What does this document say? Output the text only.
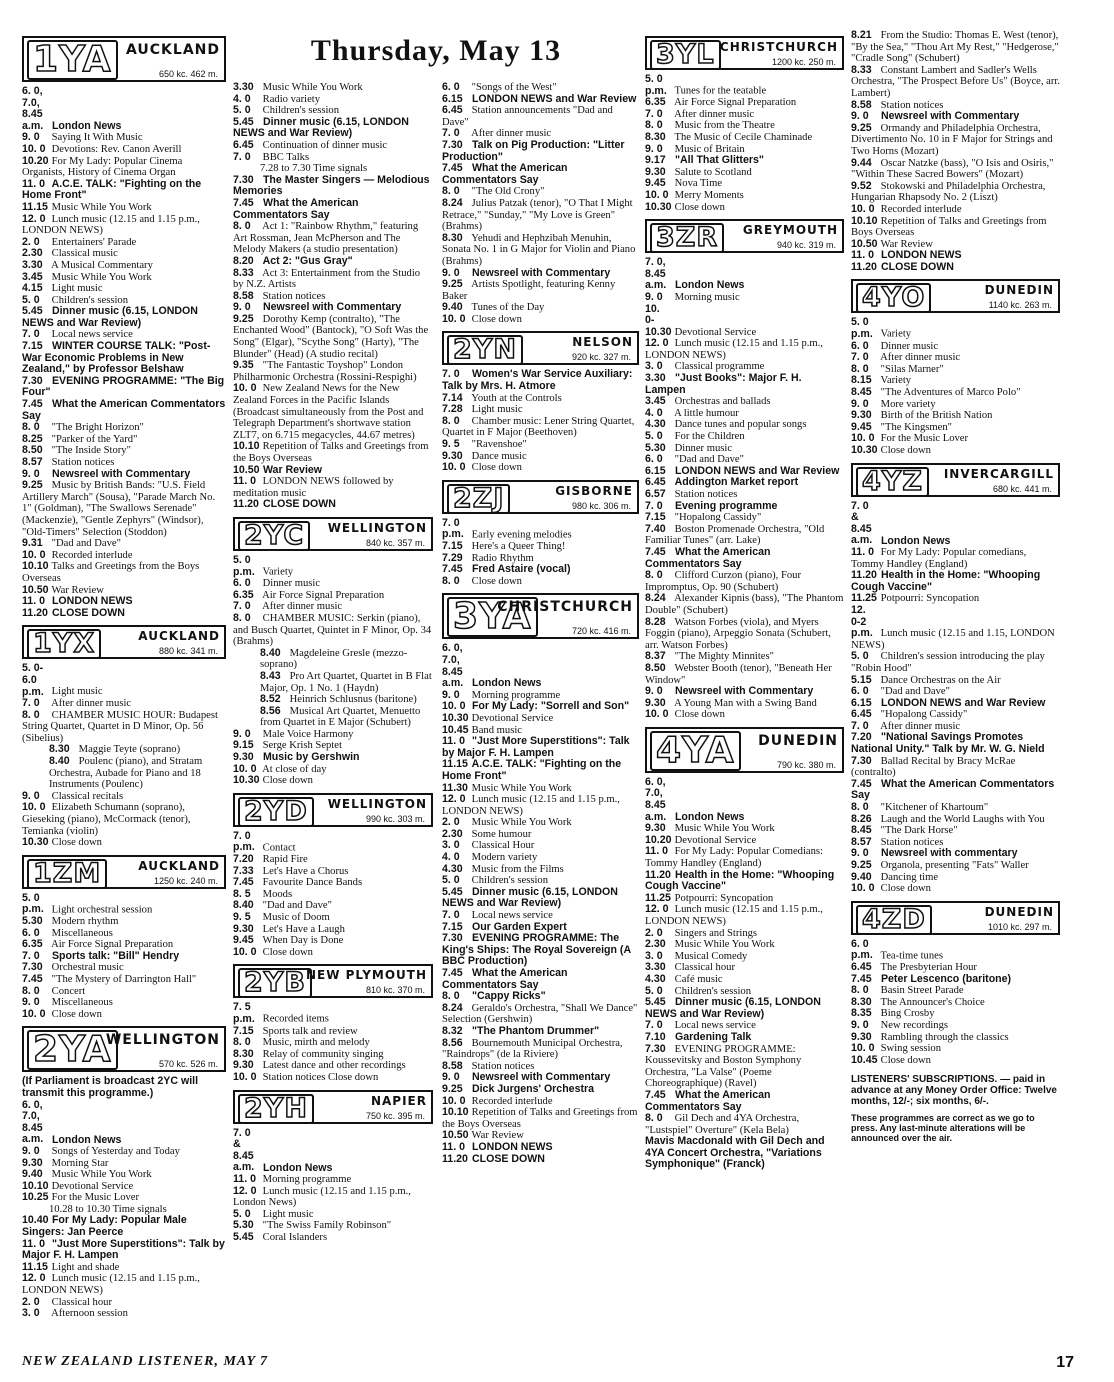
Thursday, May 13
1YA	AUCKLAND
650 kc. 462 m.

6. 0, 7.0, 8.45 a.m. London News

9. 0 Saying It With Music

10. 0 Devotions: Rev. Canon Averill

10.20 For My Lady: Popular Cinema Organists, History of Cinema Organ

11. 0 A.C.E. TALK: "Fighting on the Home Front"

11.15 Music While You Work

12. 0 Lunch music (12.15 and 1.15 p.m., LONDON NEWS)

2. 0 Entertainers' Parade

2.30 Classical music

3.30 A Musical Commentary

3.45 Music While You Work

4.15 Light music

5. 0 Children's session

5.45 Dinner music (6.15, LONDON NEWS and War Review)

7. 0 Local news service

7.15 WINTER COURSE TALK: "Post-War Economic Problems in New Zealand," by Professor Belshaw

7.30 EVENING PROGRAMME: "The Big Four"

7.45 What the American Commentators Say

8. 0 "The Bright Horizon"

8.25 "Parker of the Yard"

8.50 "The Inside Story"

8.57 Station notices

9. 0 Newsreel with Commentary

9.25 Music by British Bands: "U.S. Field Artillery March" (Sousa), "Parade March No. 1" (Goldman), "The Swallows Serenade" (Mackenzie), "Gentle Zephyrs" (Windsor), "Old-Timers" Selection (Stoddon)

9.31 "Dad and Dave"

10. 0 Recorded interlude

10.10 Talks and Greetings from the Boys Overseas

10.50 War Review

11. 0 LONDON NEWS

11.20 CLOSE DOWN

1YX	AUCKLAND
880 kc. 341 m.

5. 0-6.0 p.m. Light music

7. 0 After dinner music

8. 0 CHAMBER MUSIC HOUR: Budapest String Quartet, Quartet in D Minor, Op. 56 (Sibelius)

8.30 Maggie Teyte (soprano)

8.40 Poulenc (piano), and Stratam Orchestra, Aubade for Piano and 18 Instruments (Poulenc)

9. 0 Classical recitals

10. 0 Elizabeth Schumann (soprano), Gieseking (piano), McCormack (tenor), Temianka (violin)

10.30 Close down

1ZM	AUCKLAND
1250 kc. 240 m.

5. 0 p.m. Light orchestral session

5.30 Modern rhythm

6. 0 Miscellaneous

6.35 Air Force Signal Preparation

7. 0 Sports talk: "Bill" Hendry

7.30 Orchestral music

7.45 "The Mystery of Darrington Hall"

8. 0 Concert

9. 0 Miscellaneous

10. 0 Close down

2YA
WELLINGTON
570 kc. 526 m.

(If Parliament is broadcast 2YC will transmit this programme.)

6. 0, 7.0, 8.45 a.m. London News

9. 0 Songs of Yesterday and Today

9.30 Morning Star

9.40 Music While You Work

10.10 Devotional Service

10.25 For the Music Lover

10.28 to 10.30 Time signals

10.40 For My Lady: Popular Male Singers: Jan Peerce

11. 0 "Just More Superstitions": Talk by Major F. H. Lampen

11.15 Light and shade

12. 0 Lunch music (12.15 and 1.15 p.m., LONDON NEWS)

2. 0 Classical hour

3. 0 Afternoon session

3.30 Music While You Work

4. 0 Radio variety

5. 0 Children's session

5.45 Dinner music (6.15, LONDON NEWS and War Review)

6.45 Continuation of dinner music

7. 0 BBC Talks

7.28 to 7.30 Time signals

7.30 The Master Singers — Melodious Memories

7.45 What the American Commentators Say

8. 0 Act 1: "Rainbow Rhythm," featuring Art Rossman, Jean McPherson and The Melody Makers (a studio presentation)

8.20 Act 2: "Gus Gray"

8.33 Act 3: Entertainment from the Studio by N.Z. Artists

8.58 Station notices

9. 0 Newsreel with Commentary

9.25 Dorothy Kemp (contralto), "The Enchanted Wood" (Bantock), "O Soft Was the Song" (Elgar), "Scythe Song" (Harty), "The Blunder" (Head) (A studio recital)

9.35 "The Fantastic Toyshop" London Philharmonic Orchestra (Rossini-Respighi)

10. 0 New Zealand News for the New Zealand Forces in the Pacific Islands (Broadcast simultaneously from the Post and Telegraph Department's shortwave station ZLT7, on 6.715 megacycles, 44.67 metres)

10.10 Repetition of Talks and Greetings from the Boys Overseas

10.50 War Review

11. 0 LONDON NEWS followed by meditation music

11.20 CLOSE DOWN

2YC	WELLINGTON
840 kc. 357 m.

5. 0 p.m. Variety

6. 0 Dinner music

6.35 Air Force Signal Preparation

7. 0 After dinner music

8. 0 CHAMBER MUSIC: Serkin (piano), and Busch Quartet, Quintet in F Minor, Op. 34 (Brahms)

8.40 Magdeleine Gresle (mezzo-soprano)

8.43 Pro Art Quartet, Quartet in B Flat Major, Op. 1 No. 1 (Haydn)

8.52 Heinrich Schlusnus (baritone)

8.56 Musical Art Quartet, Menuetto from Quartet in E Major (Schubert)

9. 0 Male Voice Harmony

9.15 Serge Krish Septet

9.30 Music by Gershwin

10. 0 At close of day

10.30 Close down

2YD	WELLINGTON
990 kc. 303 m.

7. 0 p.m. Contact

7.20 Rapid Fire

7.33 Let's Have a Chorus

7.45 Favourite Dance Bands

8. 5 Moods

8.40 "Dad and Dave"

9. 5 Music of Doom

9.30 Let's Have a Laugh

9.45 When Day is Done

10. 0 Close down

2YB NEW PLYMOUTH
810 kc. 370 m.

7. 5 p.m. Recorded items

7.15 Sports talk and review

8. 0 Music, mirth and melody

8.30 Relay of community singing

9.30 Latest dance and other recordings

10. 0 Station notices Close down

2YH	NAPIER
750 kc. 395 m.

7. 0 & 8.45 a.m. London News

11. 0 Morning programme

12. 0 Lunch music (12.15 and 1.15 p.m., London News)

5. 0 Light music

5.30 "The Swiss Family Robinson"

5.45 Coral Islanders

6. 0 "Songs of the West"

6.15 LONDON NEWS and War Review

6.45 Station announcements "Dad and Dave"

7. 0 After dinner music

7.30 Talk on Pig Production: "Litter Production"

7.45 What the American Commentators Say

8. 0 "The Old Crony"

8.24 Julius Patzak (tenor), "O That I Might Retrace," "Sunday," "My Love is Green" (Brahms)

8.30 Yehudi and Hephzibah Menuhin, Sonata No. 1 in G Major for Violin and Piano (Brahms)

9. 0 Newsreel with Commentary

9.25 Artists Spotlight, featuring Kenny Baker

9.40 Tunes of the Day

10. 0 Close down

2YN	NELSON
920 kc. 327 m.

7. 0 Women's War Service Auxiliary: Talk by Mrs. H. Atmore

7.14 Youth at the Controls

7.28 Light music

8. 0 Chamber music: Lener String Quartet, Quartet in F Major (Beethoven)

9. 5 "Ravenshoe"

9.30 Dance music

10. 0 Close down

2ZJ	GISBORNE
980 kc. 306 m.

7. 0 p.m. Early evening melodies

7.15 Here's a Queer Thing!

7.29 Radio Rhythm

7.45 Fred Astaire (vocal)

8. 0 Close down

3YA
CHRISTCHURCH
720 kc. 416 m.

6. 0, 7.0, 8.45 a.m. London News

9. 0 Morning programme

10. 0 For My Lady: "Sorrell and Son"

10.30 Devotional Service

10.45 Band music

11. 0 "Just More Superstitions": Talk by Major F. H. Lampen

11.15 A.C.E. TALK: "Fighting on the Home Front"

11.30 Music While You Work

12. 0 Lunch music (12.15 and 1.15 p.m., LONDON NEWS)

2. 0 Music While You Work

2.30 Some humour

3. 0 Classical Hour

4. 0 Modern variety

4.30 Music from the Films

5. 0 Children's session

5.45 Dinner music (6.15, LONDON NEWS and War Review)

7. 0 Local news service

7.15 Our Garden Expert

7.30 EVENING PROGRAMME: The King's Ships: The Royal Sovereign (A BBC Production)

7.45 What the American Commentators Say

8. 0 "Cappy Ricks"

8.24 Geraldo's Orchestra, "Shall We Dance" Selection (Gershwin)

8.32 "The Phantom Drummer"

8.56 Bournemouth Municipal Orchestra, "Raindrops" (de la Riviere)

8.58 Station notices

9. 0 Newsreel with Commentary

9.25 Dick Jurgens' Orchestra

10. 0 Recorded interlude

10.10 Repetition of Talks and Greetings from the Boys Overseas

10.50 War Review

11. 0 LONDON NEWS

11.20 CLOSE DOWN

3YL CHRISTCHURCH
1200 kc. 250 m.

5. 0 p.m. Tunes for the teatable

6.35 Air Force Signal Preparation

7. 0 After dinner music

8. 0 Music from the Theatre

8.30 The Music of Cecile Chaminade

9. 0 Music of Britain

9.17 "All That Glitters"

9.30 Salute to Scotland

9.45 Nova Time

10. 0 Merry Moments

10.30 Close down

3ZR	GREYMOUTH
940 kc. 319 m.

7. 0, 8.45 a.m. London News

9. 0 Morning music

10. 0-10.30 Devotional Service

12. 0 Lunch music (12.15 and 1.15 p.m., LONDON NEWS)

3. 0 Classical programme

3.30 "Just Books": Major F. H. Lampen

3.45 Orchestras and ballads

4. 0 A little humour

4.30 Dance tunes and popular songs

5. 0 For the Children

5.30 Dinner music

6. 0 "Dad and Dave"

6.15 LONDON NEWS and War Review

6.45 Addington Market report

6.57 Station notices

7. 0 Evening programme

7.15 "Hopalong Cassidy"

7.40 Boston Promenade Orchestra, "Old Familiar Tunes" (arr. Lake)

7.45 What the American Commentators Say

8. 0 Clifford Curzon (piano), Four Impromptus, Op. 90 (Schubert)

8.24 Alexander Kipnis (bass), "The Phantom Double" (Schubert)

8.28 Watson Forbes (viola), and Myers Foggin (piano), Arpeggio Sonata (Schubert, arr. Watson Forbes)

8.37 "The Mighty Minnites"

8.50 Webster Booth (tenor), "Beneath Her Window"

9. 0 Newsreel with Commentary

9.30 A Young Man with a Swing Band

10. 0 Close down

4YA	DUNEDIN
790 kc. 380 m.

6. 0, 7.0, 8.45 a.m. London News

9.30 Music While You Work

10.20 Devotional Service

11. 0 For My Lady: Popular Comedians: Tommy Handley (England)

11.20 Health in the Home: "Whooping Cough Vaccine"

11.25 Potpourri: Syncopation

12. 0 Lunch music (12.15 and 1.15 p.m., LONDON NEWS)

2. 0 Singers and Strings

2.30 Music While You Work

3. 0 Musical Comedy

3.30 Classical hour

4.30 Café music

5. 0 Children's session

5.45 Dinner music (6.15, LONDON NEWS and War Review)

7. 0 Local news service

7.10 Gardening Talk

7.30 EVENING PROGRAMME: Koussevitsky and Boston Symphony Orchestra, "La Valse" (Poeme Choreographique) (Ravel)

7.45 What the American Commentators Say

8. 0 Gil Dech and 4YA Orchestra, "Lustspiel" Overture" (Kela Bela)

Mavis Macdonald with Gil Dech and 4YA Concert Orchestra, "Variations Symphonique" (Franck)

8.21 From the Studio: Thomas E. West (tenor), "By the Sea," "Thou Art My Rest," "Hedgerose," "Cradle Song" (Schubert)

8.33 Constant Lambert and Sadler's Wells Orchestra, "The Prospect Before Us" (Boyce, arr. Lambert)

8.58 Station notices

9. 0 Newsreel with Commentary

9.25 Ormandy and Philadelphia Orchestra, Divertimento No. 10 in F Major for Strings and Two Horns (Mozart)

9.44 Oscar Natzke (bass), "O Isis and Osiris," "Within These Sacred Bowers" (Mozart)

9.52 Stokowski and Philadelphia Orchestra, Hungarian Rhapsody No. 2 (Liszt)

10. 0 Recorded interlude

10.10 Repetition of Talks and Greetings from Boys Overseas

10.50 War Review

11. 0 LONDON NEWS

11.20 CLOSE DOWN

4YO	DUNEDIN
1140 kc. 263 m.

5. 0 p.m. Variety

6. 0 Dinner music

7. 0 After dinner music

8. 0 "Silas Marner"

8.15 Variety

8.45 "The Adventures of Marco Polo"

9. 0 More variety

9.30 Birth of the British Nation

9.45 "The Kingsmen"

10. 0 For the Music Lover

10.30 Close down

4YZ	INVERCARGILL
680 kc. 441 m.

7. 0 & 8.45 a.m. London News

11. 0 For My Lady: Popular comedians, Tommy Handley (England)

11.20 Health in the Home: "Whooping Cough Vaccine"

11.25 Potpourri: Syncopation

12. 0-2 p.m. Lunch music (12.15 and 1.15, LONDON NEWS)

5. 0 Children's session introducing the play "Robin Hood"

5.15 Dance Orchestras on the Air

6. 0 "Dad and Dave"

6.15 LONDON NEWS and War Review

6.45 "Hopalong Cassidy"

7. 0 After dinner music

7.20 "National Savings Promotes National Unity." Talk by Mr. W. G. Nield

7.30 Ballad Recital by Bracy McRae (contralto)

7.45 What the American Commentators Say

8. 0 "Kitchener of Khartoum"

8.26 Laugh and the World Laughs with You

8.45 "The Dark Horse"

8.57 Station notices

9. 0 Newsreel with commentary

9.25 Organola, presenting "Fats" Waller

9.40 Dancing time

10. 0 Close down

4ZD	DUNEDIN
1010 kc. 297 m.

6. 0 p.m. Tea-time tunes

6.45 The Presbyterian Hour

7.45 Peter Lescenco (baritone)

8. 0 Basin Street Parade

8.30 The Announcer's Choice

8.35 Bing Crosby

9. 0 New recordings

9.30 Rambling through the classics

10. 0 Swing session

10.45 Close down

LISTENERS' SUBSCRIPTIONS. — paid in advance at any Money Order Office: Twelve months, 12/-; six months, 6/-.
These programmes are correct as we go to press. Any last-minute alterations will be announced over the air.
NEW ZEALAND LISTENER, MAY 7	17
